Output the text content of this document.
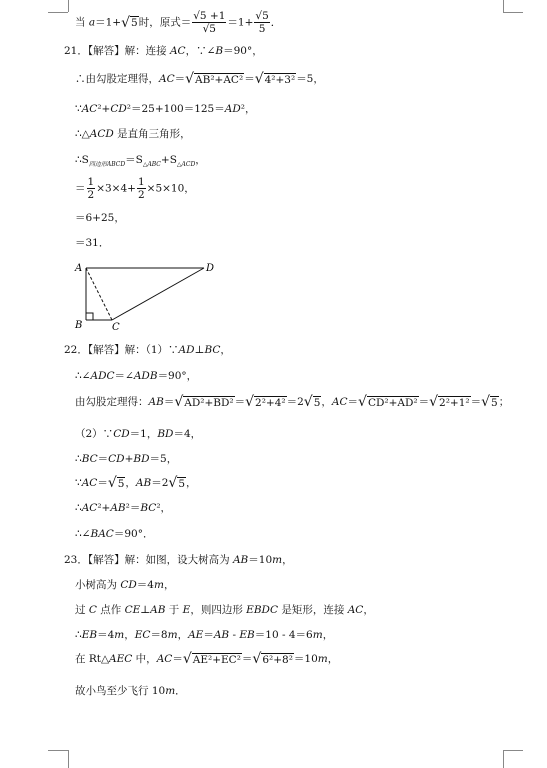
当 a＝1+√5时，原式＝ $\frac{√5 +1}{√5} =1+ \frac{√5}{5}$ ．
21．【解答】解：连接 AC，∵∠B＝90°，
∴由勾股定理得，AC＝√AB²+AC²＝√4²+3²＝5，
∵AC²+CD²＝25+100＝125＝AD²，
∴△ACD 是直角三角形，
$\therefore S_{四边形ABCD}=S_{\triangle ABC}+S_{\triangle ACD}$，
＝ $\frac{1}{2} \times 3\times 4+ \frac{1}{2} \times 5\times 10$，
＝6+25，
＝31．
A
B	C
D
22．【解答】解：（1）∵AD⊥BC，
∴∠ADC＝∠ADB＝90°，
由勾股定理得：AB＝√AD²+BD²＝√2²+4²＝2√5，AC＝√CD²+AD²＝√2²+1²＝√5；
（2）∵CD＝1，BD＝4，
∴BC＝CD+BD＝5，
∵AC＝√5，AB＝2√5，
∴AC²+AB²＝BC²，
∴∠BAC＝90°．
23．【解答】解：如图，设大树高为 AB＝10m，
小树高为 CD＝4m，
过 C 点作 CE⊥AB 于 E，则四边形 EBDC 是矩形，连接 AC，
∴EB＝4m，EC＝8m，AE＝AB - EB＝10 - 4＝6m，
在 Rt△AEC 中，AC＝√AE²+EC²＝√6²+8²＝10m，
故小鸟至少飞行 10m．
